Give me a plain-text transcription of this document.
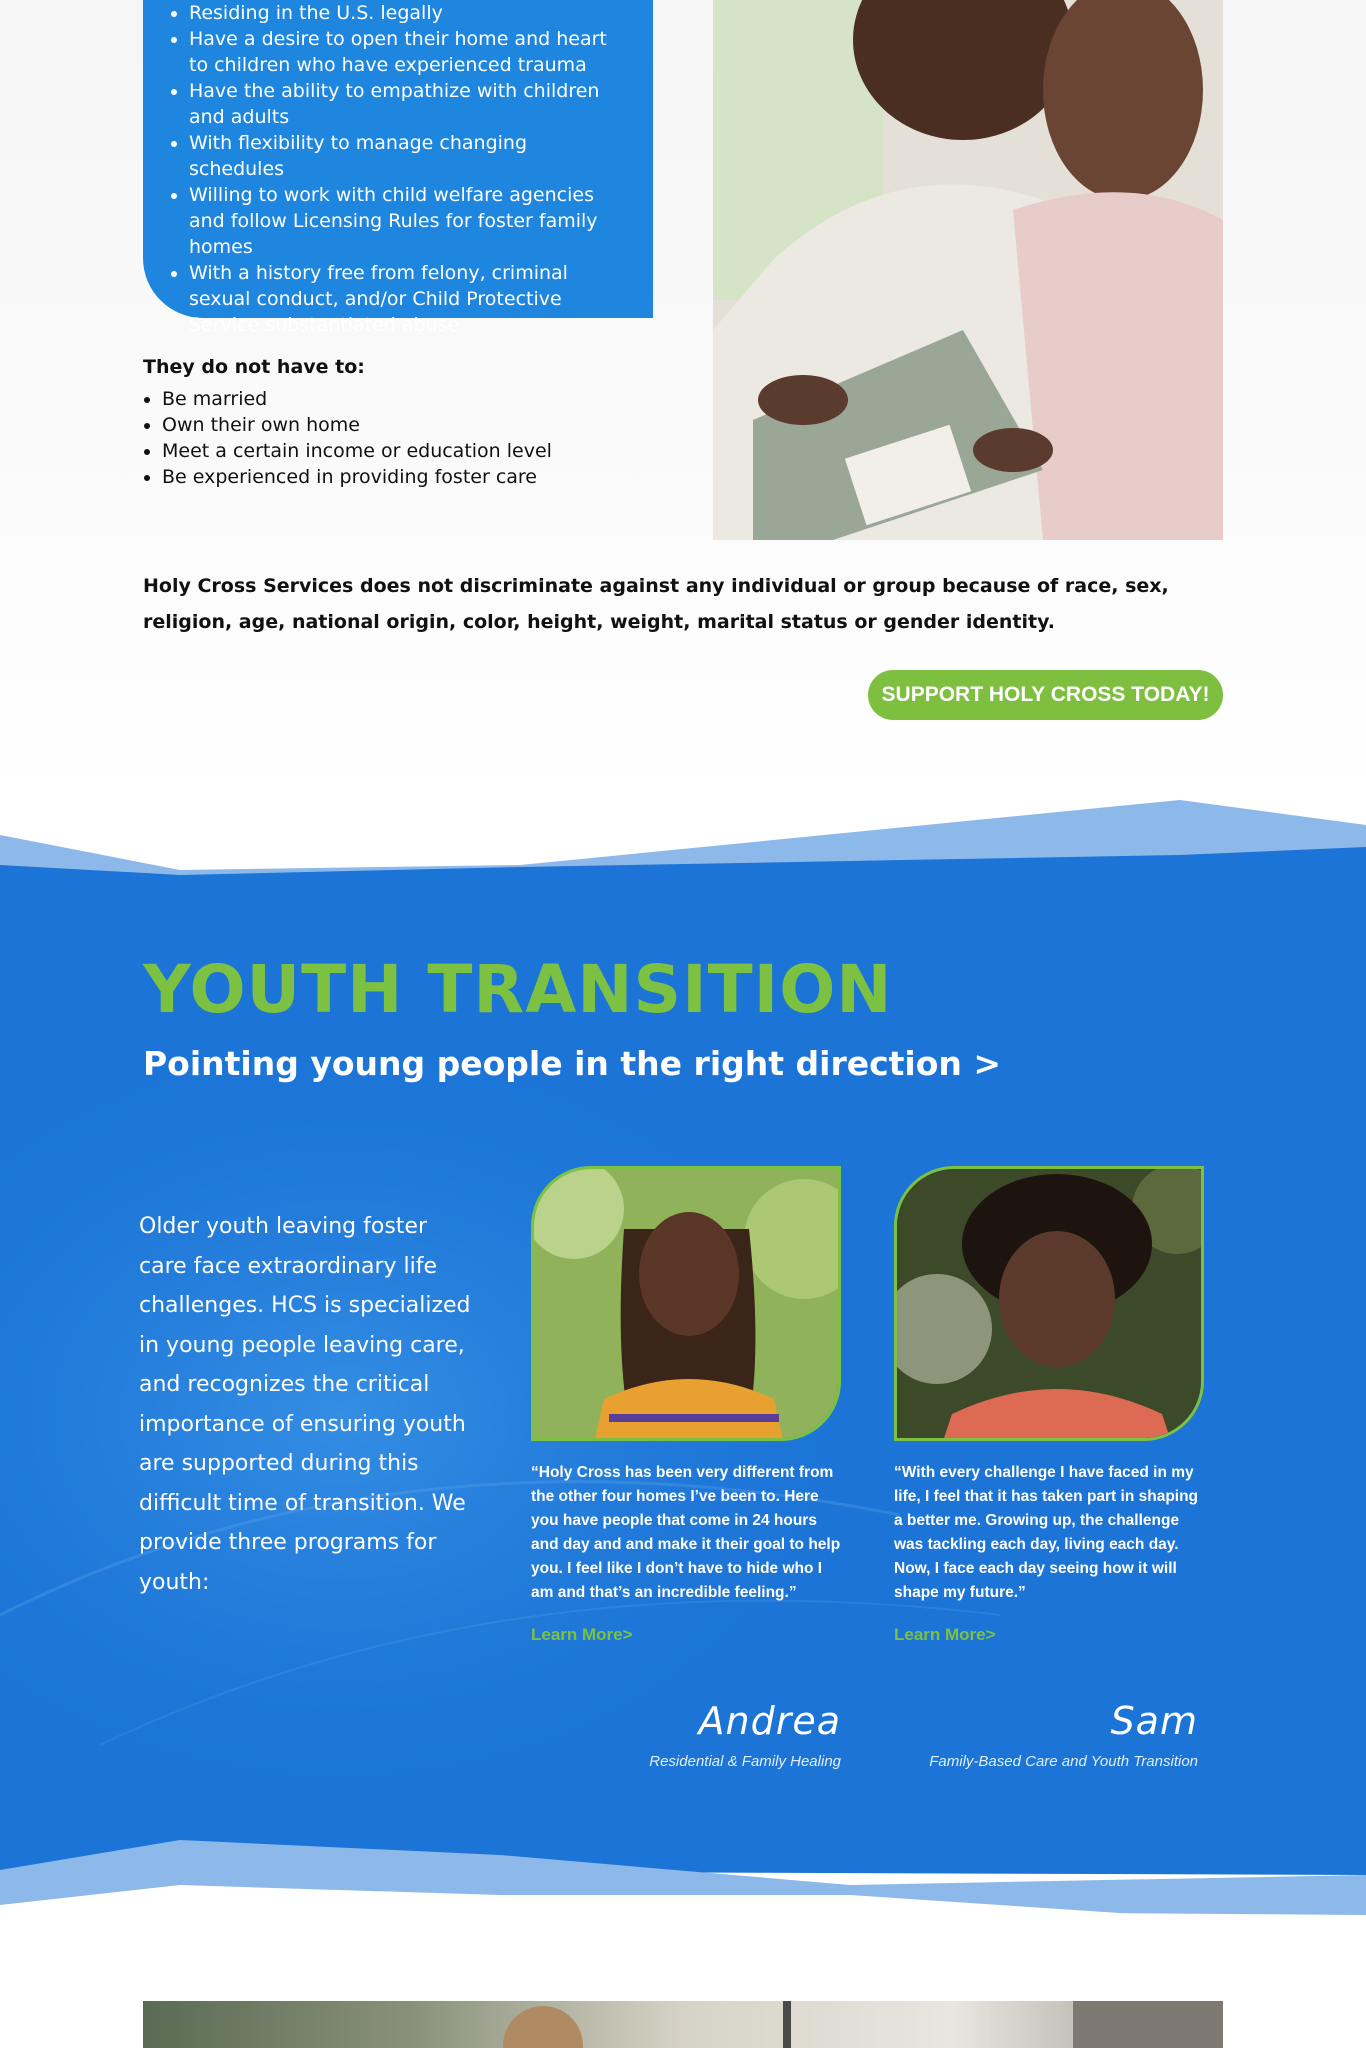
• Residing in the U.S. legally
• Have a desire to open their home and heart to children who have experienced trauma
• Have the ability to empathize with children and adults
• With flexibility to manage changing schedules
• Willing to work with child welfare agencies and follow Licensing Rules for foster family homes
• With a history free from felony, criminal sexual conduct, and/or Child Protective Service substantiated abuse
They do not have to:
• Be married
• Own their own home
• Meet a certain income or education level
• Be experienced in providing foster care

Holy Cross Services does not discriminate against any individual or group because of race, sex, religion, age, national origin, color, height, weight, marital status or gender identity.

SUPPORT HOLY CROSS TODAY!
YOUTH TRANSITION
Pointing young people in the right direction >

Older youth leaving foster care face extraordinary life challenges. HCS is specialized in young people leaving care, and recognizes the critical importance of ensuring youth are supported during this difficult time of transition. We provide three programs for youth:

“Holy Cross has been very different from the other four homes I’ve been to. Here you have people that come in 24 hours and day and and make it their goal to help you. I feel like I don’t have to hide who I am and that’s an incredible feeling.”

Learn More>

“With every challenge I have faced in my life, I feel that it has taken part in shaping a better me. Growing up, the challenge was tackling each day, living each day. Now, I face each day seeing how it will shape my future.”

Learn More>
Andrea
Residential & Family Healing
Sam
Family-Based Care and Youth Transition
